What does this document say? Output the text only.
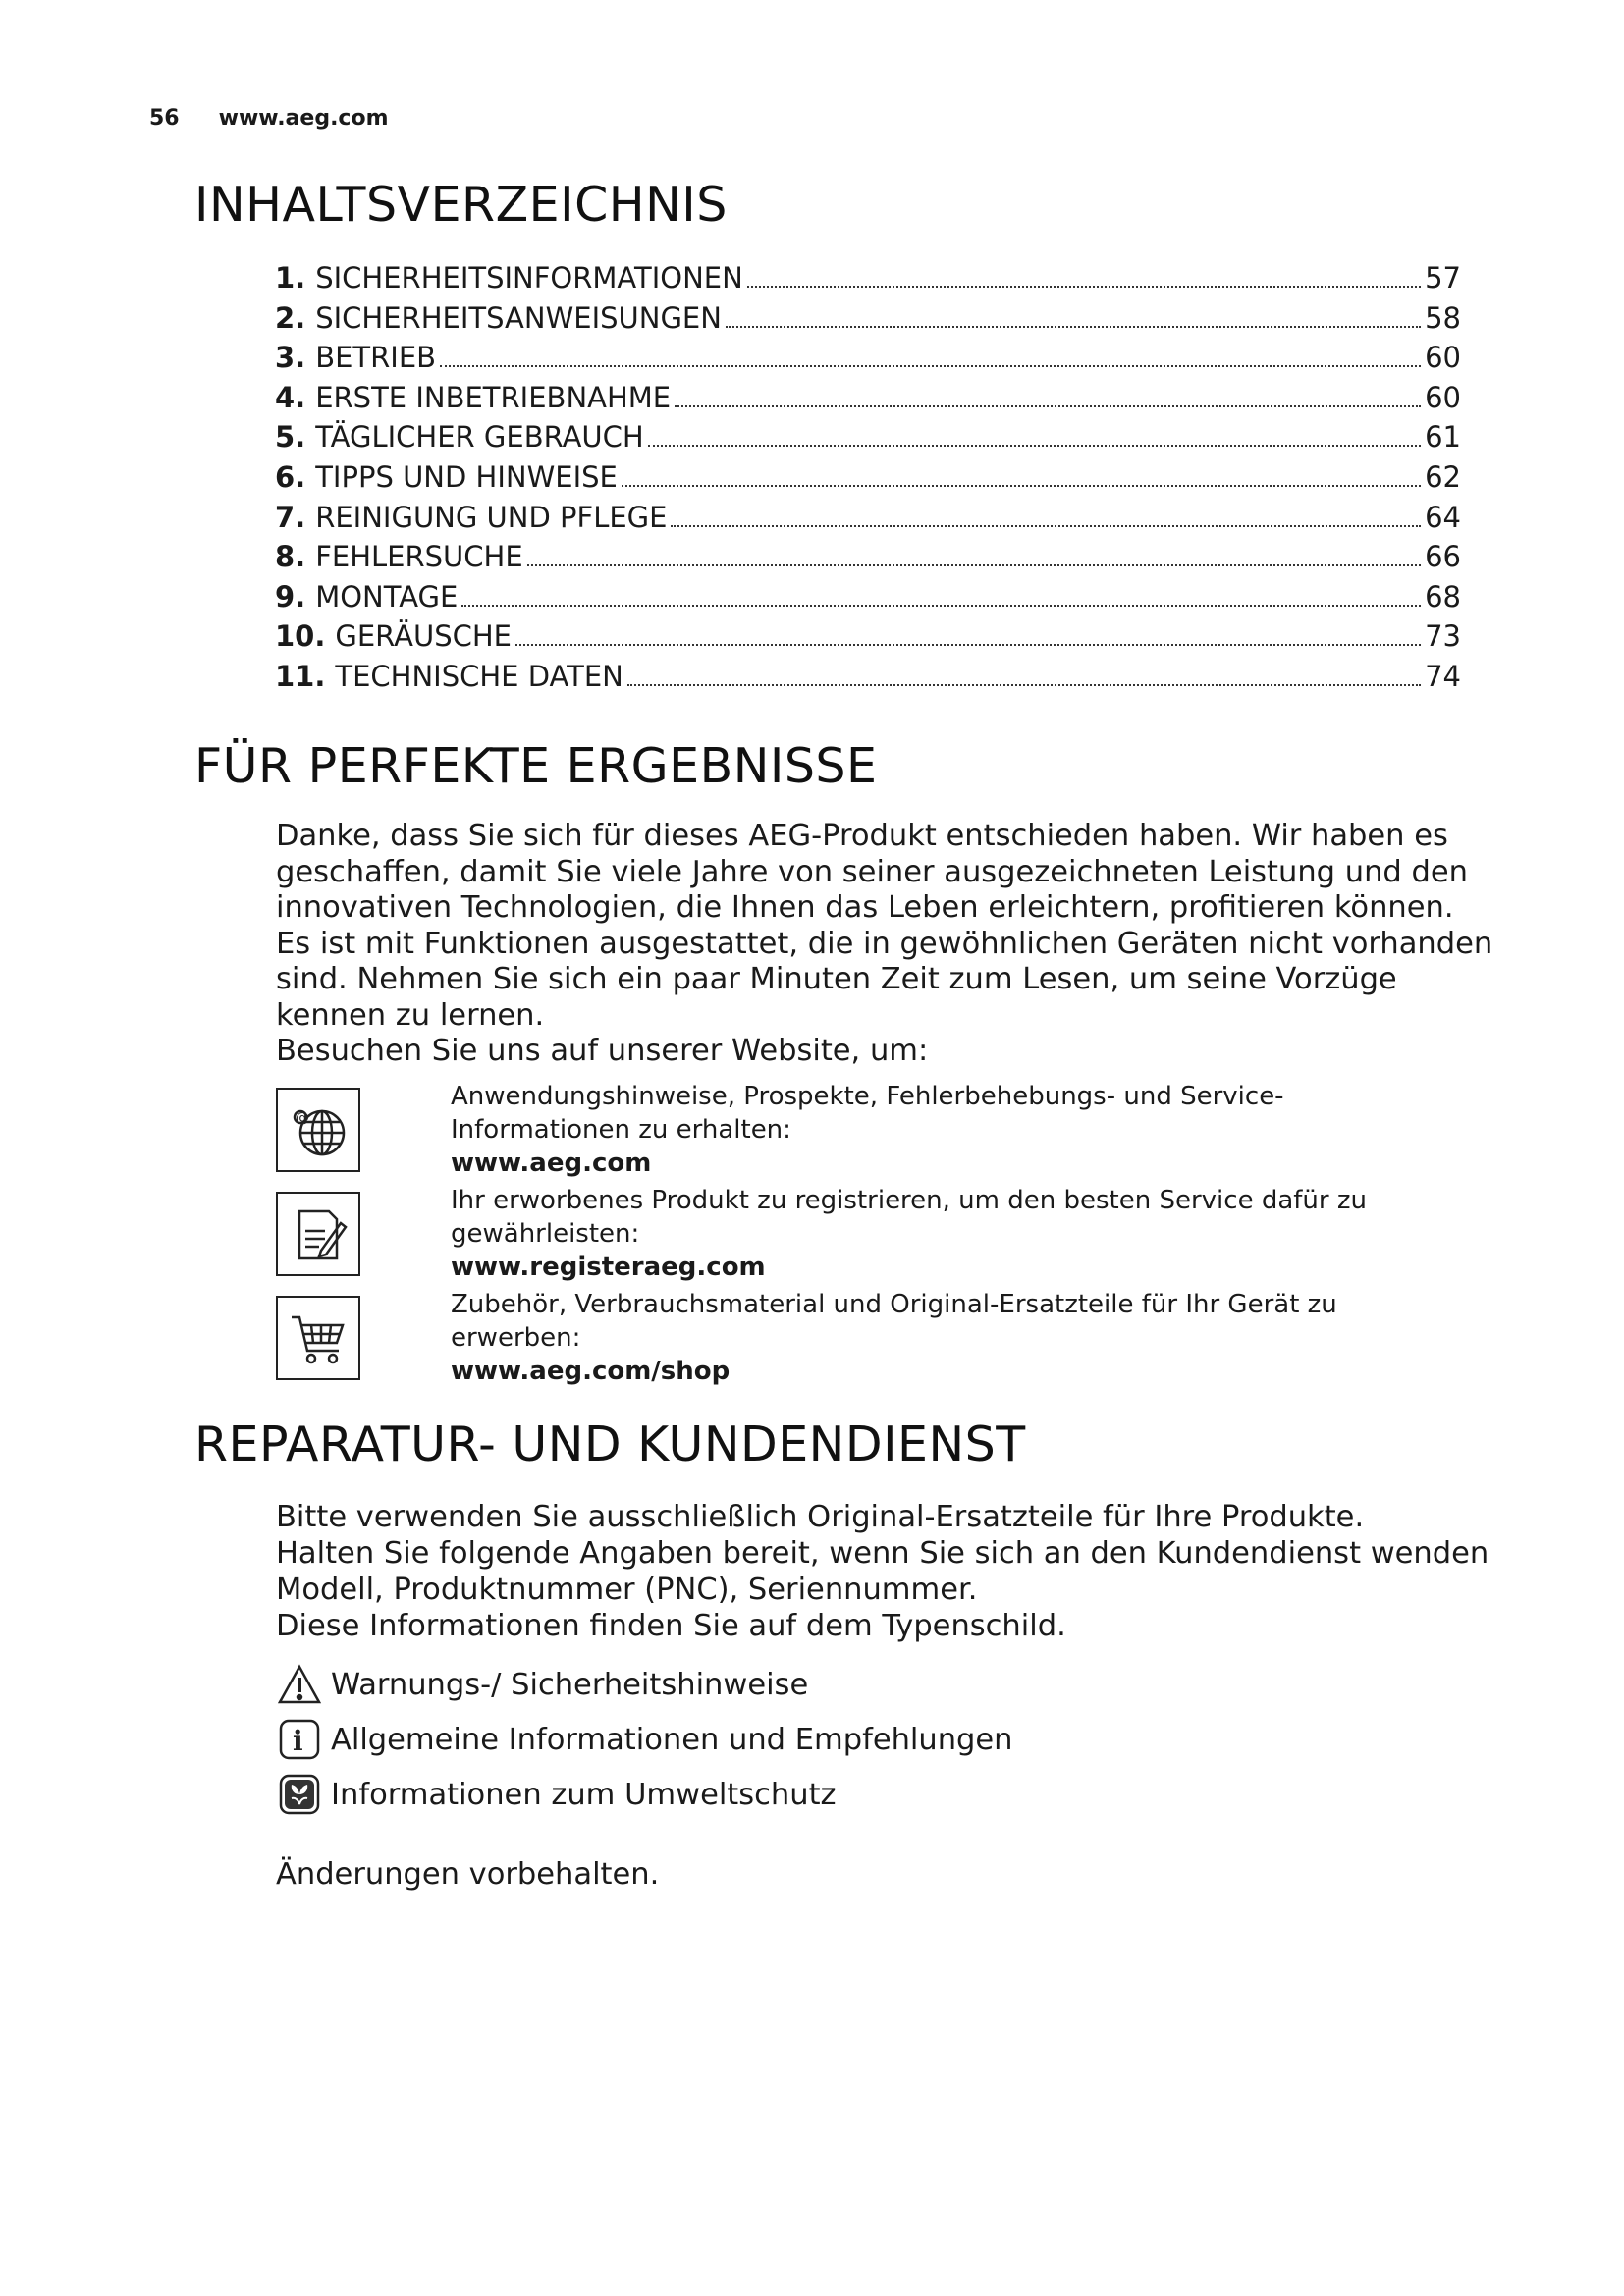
56 www.aeg.com
INHALTSVERZEICHNIS
1. SICHERHEITSINFORMATIONEN	57
2. SICHERHEITSANWEISUNGEN	58
3. BETRIEB	60
4. ERSTE INBETRIEBNAHME	60
5. TÄGLICHER GEBRAUCH	61
6. TIPPS UND HINWEISE	62
7. REINIGUNG UND PFLEGE	64
8. FEHLERSUCHE	66
9. MONTAGE	68
10. GERÄUSCHE	73
11. TECHNISCHE DATEN	74
FÜR PERFEKTE ERGEBNISSE

Danke, dass Sie sich für dieses AEG-Produkt entschieden haben. Wir haben es

geschaffen, damit Sie viele Jahre von seiner ausgezeichneten Leistung und den

innovativen Technologien, die Ihnen das Leben erleichtern, profitieren können.

Es ist mit Funktionen ausgestattet, die in gewöhnlichen Geräten nicht vorhanden

sind. Nehmen Sie sich ein paar Minuten Zeit zum Lesen, um seine Vorzüge

kennen zu lernen.

Besuchen Sie uns auf unserer Website, um:

@
Anwendungshinweise, Prospekte, Fehlerbehebungs- und Service-
Informationen zu erhalten:
www.aeg.com
Ihr erworbenes Produkt zu registrieren, um den besten Service dafür zu
gewährleisten:
www.registeraeg.com
Zubehör, Verbrauchsmaterial und Original-Ersatzteile für Ihr Gerät zu
erwerben:
www.aeg.com/shop
REPARATUR- UND KUNDENDIENST

Bitte verwenden Sie ausschließlich Original-Ersatzteile für Ihre Produkte.

Halten Sie folgende Angaben bereit, wenn Sie sich an den Kundendienst wenden

Modell, Produktnummer (PNC), Seriennummer.

Diese Informationen finden Sie auf dem Typenschild.

Warnungs-/ Sicherheitshinweise
i Allgemeine Informationen und Empfehlungen
Informationen zum Umweltschutz
Änderungen vorbehalten.
